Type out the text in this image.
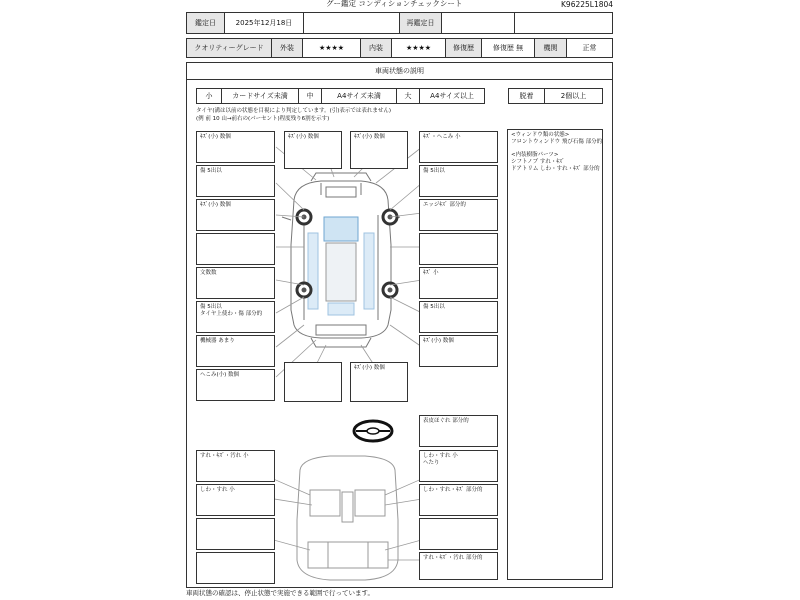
グー鑑定 コンディションチェックシート	K96225L1804
鑑定日	2025年12月18日	再鑑定日
クオリティーグレード	外装	★★★★	内装	★★★★	修復歴	修復歴 無	機関	正常
車両状態の説明
小	カードサイズ未満	中	A4サイズ未満	大	A4サイズ以上	脱着	2個以上
タイヤ(溝は以前の状態を目視により判定しています。(引)表示では表れません)
(例 前 10 山→前右の(パーセント)程度残り6割を示す)
<ウィンドウ類の状態>
フロントウィンドウ 飛び石傷 部分的
<内装樹脂パーツ>
シフトノブ すれ・ｷｽﾞ
ドアトリム しわ・すれ・ｷｽﾞ 部分的
ｷｽﾞ(小) 数個
傷 5出以
ｷｽﾞ(小) 数個
文数数
傷 5出以
タイヤ上使わ・傷 部分的
機械器 あまり
へこみ(小) 数個
ｷｽﾞ(小) 数個	ｷｽﾞ(小) 数個	ｷｽﾞ・へこみ 小
傷 5出以
エッジｷｽﾞ 部分的
ｷｽﾞ 小
傷 5出以
ｷｽﾞ(小) 数個
ｷｽﾞ(小) 数個
表皮ほぐれ 部分的
すれ・ｷｽﾞ・汚れ 小
しわ・すれ 小
しわ・すれ 小
へたり
しわ・すれ・ｷｽﾞ 部分的
すれ・ｷｽﾞ・汚れ 部分的
車両状態の確認は、停止状態で実施できる範囲で行っています。
